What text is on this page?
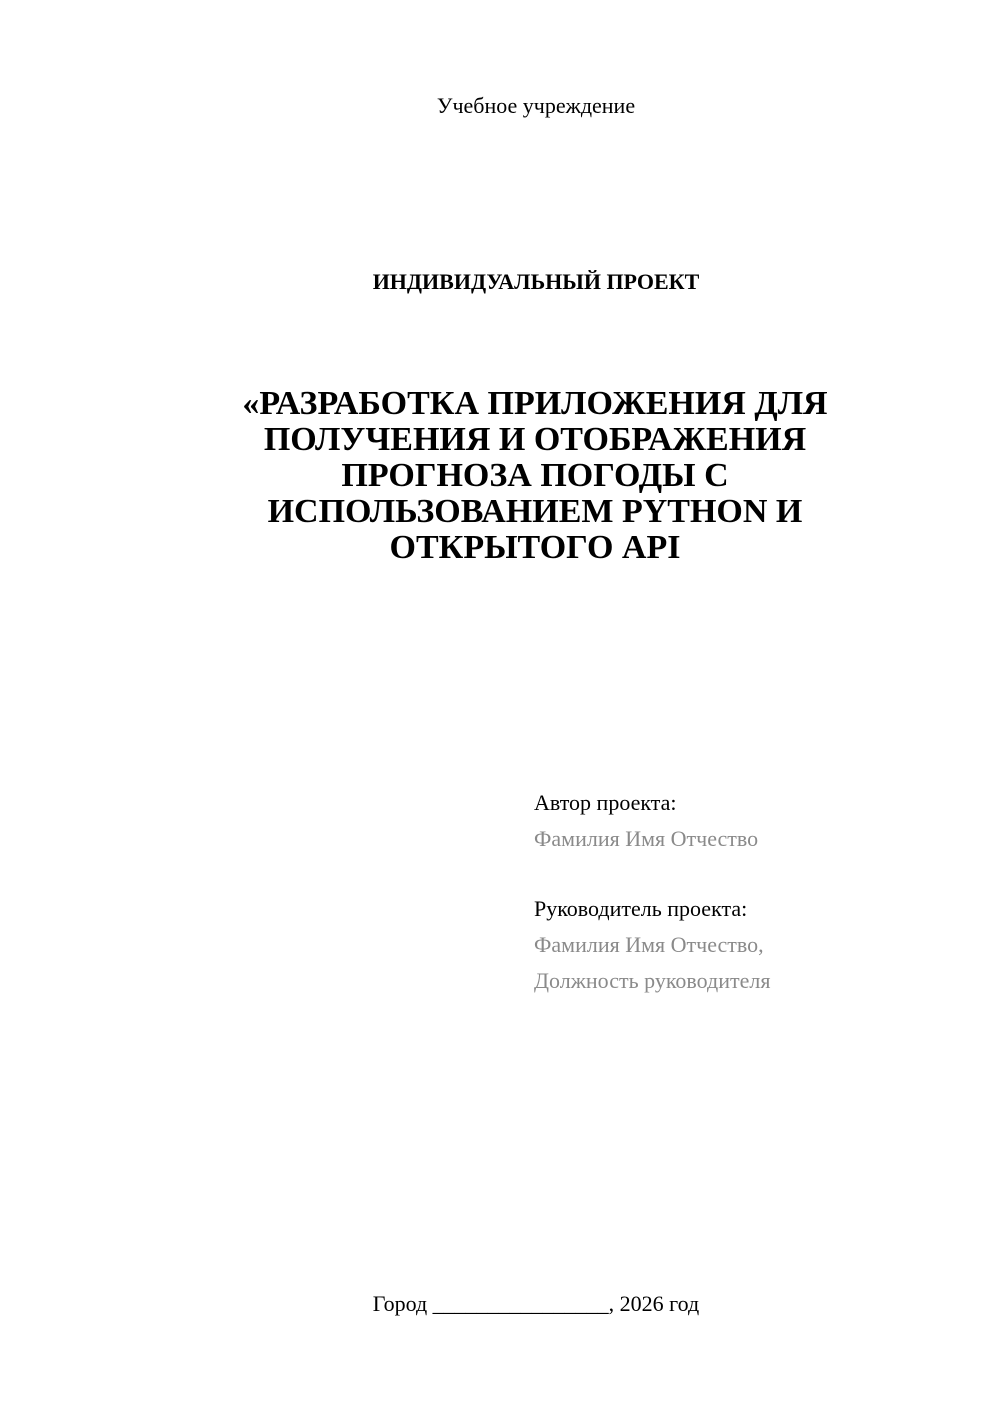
Учебное учреждение
ИНДИВИДУАЛЬНЫЙ ПРОЕКТ
«РАЗРАБОТКА ПРИЛОЖЕНИЯ ДЛЯ
ПОЛУЧЕНИЯ И ОТОБРАЖЕНИЯ
ПРОГНОЗА ПОГОДЫ С
ИСПОЛЬЗОВАНИЕМ PYTHON И
ОТКРЫТОГО API
Автор проекта:
Фамилия Имя Отчество
Руководитель проекта:
Фамилия Имя Отчество,
Должность руководителя
Город ________________, 2026 год
